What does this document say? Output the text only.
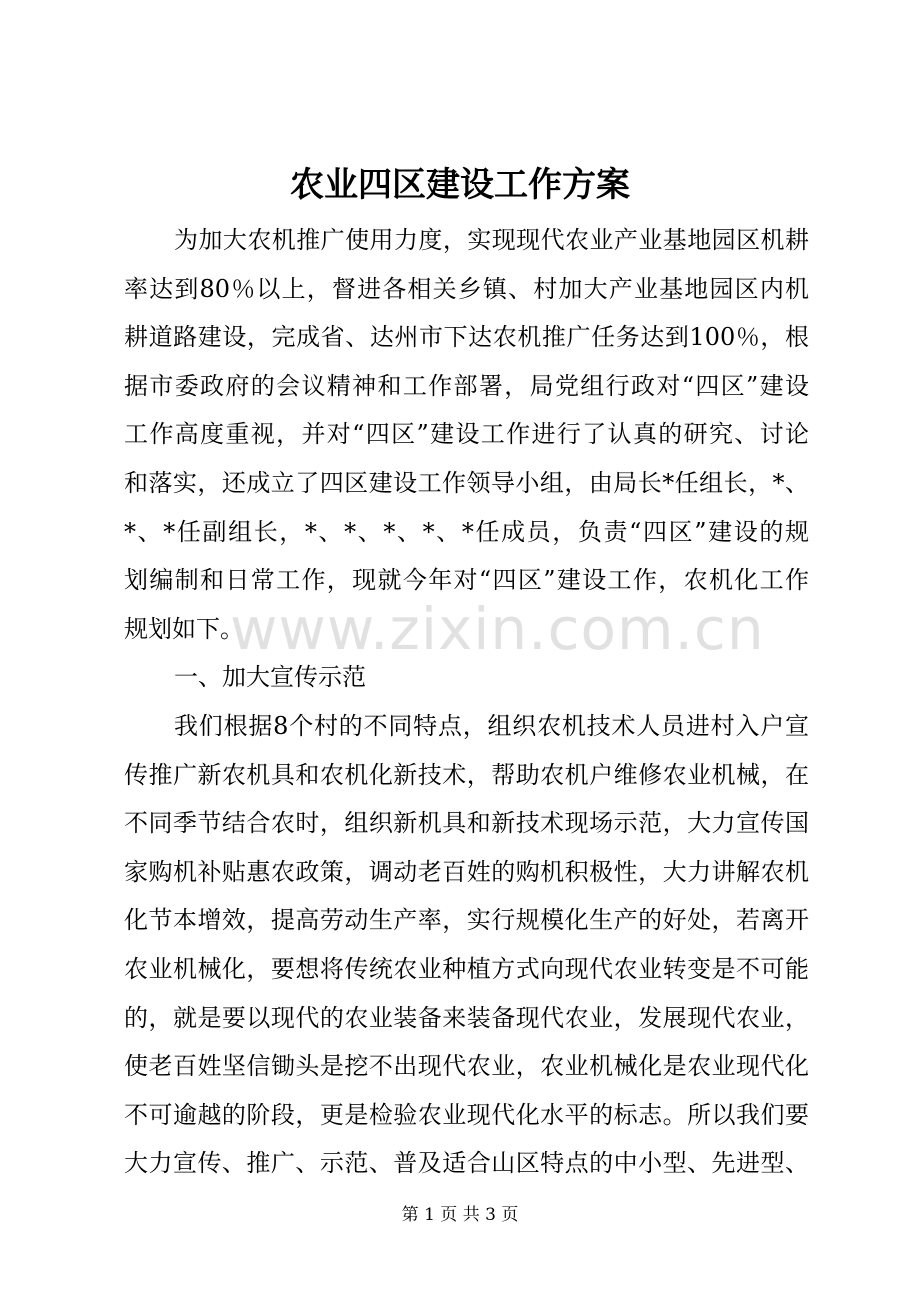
农业四区建设工作方案
为加大农机推广使用力度，实现现代农业产业基地园区机耕
率达到80％以上，督进各相关乡镇、村加大产业基地园区内机
耕道路建设，完成省、达州市下达农机推广任务达到100％，根
据市委政府的会议精神和工作部署，局党组行政对“四区”建设
工作高度重视，并对“四区”建设工作进行了认真的研究、讨论
和落实，还成立了四区建设工作领导小组，由局长*任组长，*、
*、*任副组长，*、*、*、*、*任成员，负责“四区”建设的规
划编制和日常工作，现就今年对“四区”建设工作，农机化工作
规划如下。
一、加大宣传示范
我们根据8个村的不同特点，组织农机技术人员进村入户宣
传推广新农机具和农机化新技术，帮助农机户维修农业机械，在
不同季节结合农时，组织新机具和新技术现场示范，大力宣传国
家购机补贴惠农政策，调动老百姓的购机积极性，大力讲解农机
化节本增效，提高劳动生产率，实行规模化生产的好处，若离开
农业机械化，要想将传统农业种植方式向现代农业转变是不可能
的，就是要以现代的农业装备来装备现代农业，发展现代农业，
使老百姓坚信锄头是挖不出现代农业，农业机械化是农业现代化
不可逾越的阶段，更是检验农业现代化水平的标志。所以我们要
大力宣传、推广、示范、普及适合山区特点的中小型、先进型、
www.zixin.com.cn
第 1 页 共 3 页
